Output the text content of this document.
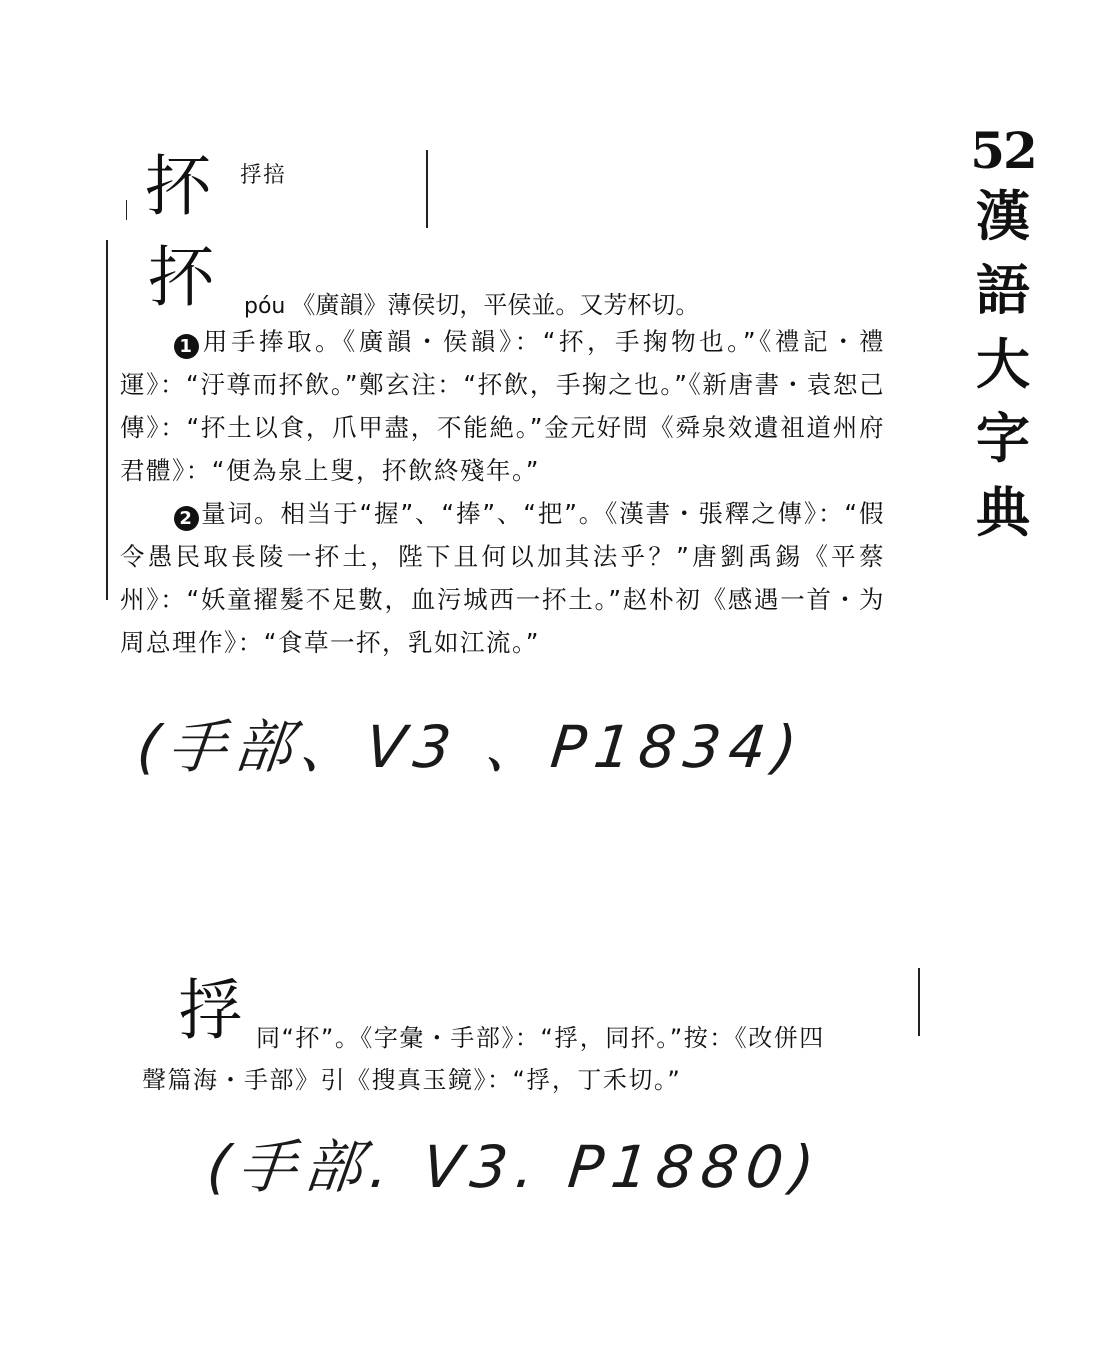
52
漢
語
大
字
典
抔 捊掊
抔 póu 《廣韻》薄侯切，平侯並。又芳杯切。

1 用手捧取。《廣韻・侯韻》：“抔，手掬物也。”《禮記・禮運》：“汙尊而抔飲。”鄭玄注：“抔飲，手掬之也。”《新唐書・袁恕己傳》：“抔土以食，爪甲盡，不能絶。”金元好問《舜泉效遺祖道州府君體》：“便為泉上叟，抔飲終殘年。”

2 量词。相当于“握”、“捧”、“把”。《漢書・張釋之傳》：“假令愚民取長陵一抔土，陛下且何以加其法乎？”唐劉禹錫《平蔡州》：“妖童擢髮不足數，血污城西一抔土。”赵朴初《感遇一首・为周总理作》：“食草一抔，乳如江流。”

(手部、V3 、P1834)
捊 同“抔”。《字彙・手部》：“捊，同抔。”按：《改併四
聲篇海・手部》引《搜真玉鏡》：“捊，丁禾切。”
(手部. V3. P1880)
